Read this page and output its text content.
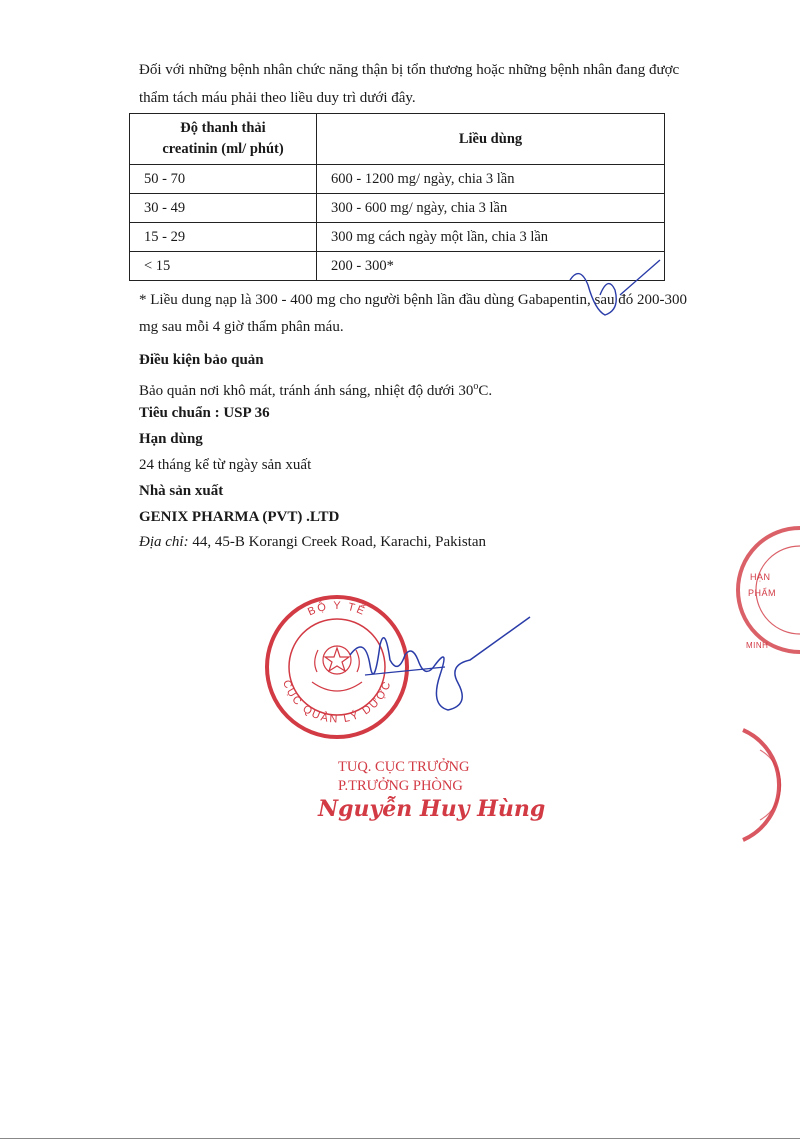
Đối với những bệnh nhân chức năng thận bị tổn thương hoặc những bệnh nhân đang được
thẩm tách máu phải theo liều duy trì dưới đây.
Độ thanh thải
creatinin (ml/ phút)	Liều dùng
50 - 70	600 - 1200 mg/ ngày, chia 3 lần
30 - 49	300 - 600 mg/ ngày, chia 3 lần
15 - 29	300 mg cách ngày một lần, chia 3 lần
< 15	200 - 300*
* Liều dung nạp là 300 - 400 mg cho người bệnh lần đầu dùng Gabapentin, sau đó 200-300
mg sau mỗi 4 giờ thẩm phân máu.
Điều kiện bảo quản
Bảo quản nơi khô mát, tránh ánh sáng, nhiệt độ dưới 30$^o$C.
Tiêu chuẩn : USP 36
Hạn dùng
24 tháng kể từ ngày sản xuất
Nhà sản xuất
GENIX PHARMA (PVT) .LTD
Địa chỉ: 44, 45-B Korangi Creek Road, Karachi, Pakistan
BỘ Y TẾ
CỤC QUẢN LÝ DƯỢC
TUQ. CỤC TRƯỞNG
P.TRƯỞNG PHÒNG
Nguyễn Huy Hùng
HẠN
PHẨM
MINH
